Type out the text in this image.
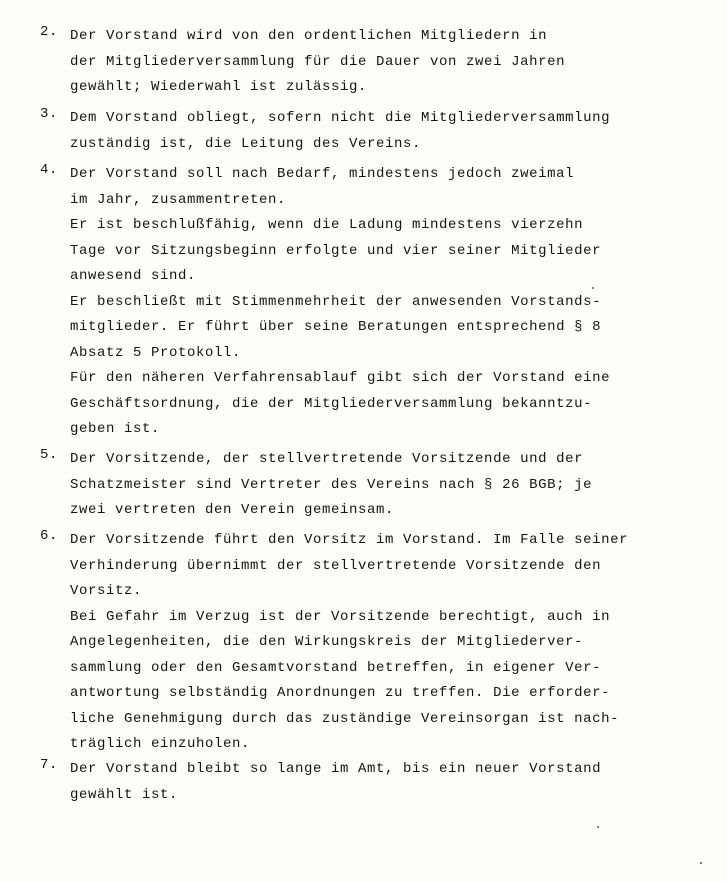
2. Der Vorstand wird von den ordentlichen Mitgliedern in
der Mitgliederversammlung für die Dauer von zwei Jahren
gewählt; Wiederwahl ist zulässig.
3. Dem Vorstand obliegt, sofern nicht die Mitgliederversammlung
zuständig ist, die Leitung des Vereins.
4. Der Vorstand soll nach Bedarf, mindestens jedoch zweimal
im Jahr, zusammentreten.
Er ist beschlußfähig, wenn die Ladung mindestens vierzehn
Tage vor Sitzungsbeginn erfolgte und vier seiner Mitglieder
anwesend sind.
Er beschließt mit Stimmenmehrheit der anwesenden Vorstands-
mitglieder. Er führt über seine Beratungen entsprechend § 8
Absatz 5 Protokoll.
Für den näheren Verfahrensablauf gibt sich der Vorstand eine
Geschäftsordnung, die der Mitgliederversammlung bekanntzu-
geben ist.
5. Der Vorsitzende, der stellvertretende Vorsitzende und der
Schatzmeister sind Vertreter des Vereins nach § 26 BGB; je
zwei vertreten den Verein gemeinsam.
6. Der Vorsitzende führt den Vorsitz im Vorstand. Im Falle seiner
Verhinderung übernimmt der stellvertretende Vorsitzende den
Vorsitz.
Bei Gefahr im Verzug ist der Vorsitzende berechtigt, auch in
Angelegenheiten, die den Wirkungskreis der Mitgliederver-
sammlung oder den Gesamtvorstand betreffen, in eigener Ver-
antwortung selbständig Anordnungen zu treffen. Die erforder-
liche Genehmigung durch das zuständige Vereinsorgan ist nach-
träglich einzuholen.
7. Der Vorstand bleibt so lange im Amt, bis ein neuer Vorstand
gewählt ist.
